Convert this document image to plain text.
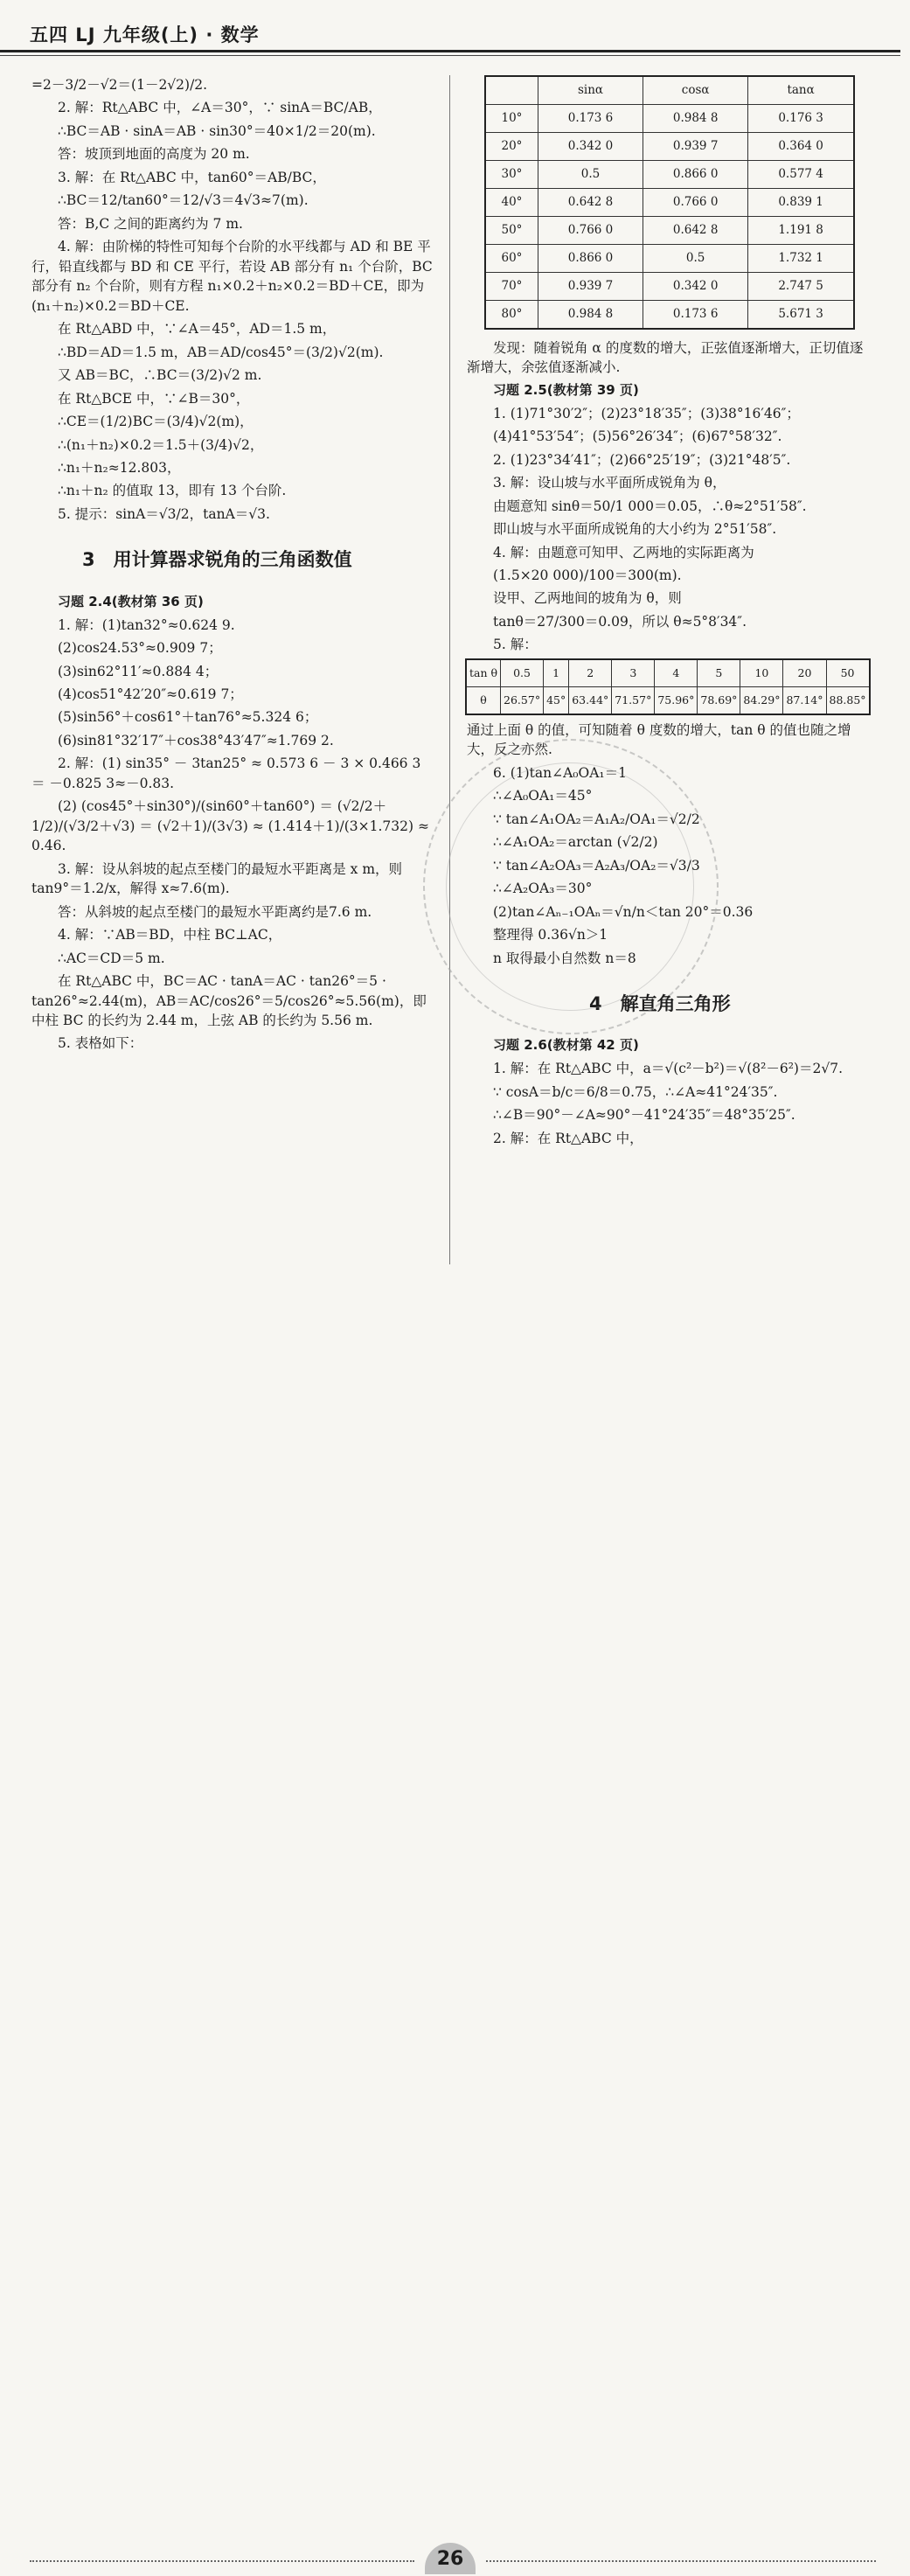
五四 LJ 九年级(上) · 数学

=2－3/2－√2＝(1－2√2)/2.

2. 解：Rt△ABC 中，∠A＝30°，∵ sinA＝BC/AB，

∴BC＝AB · sinA＝AB · sin30°＝40×1/2＝20(m).

答：坡顶到地面的高度为 20 m.

3. 解：在 Rt△ABC 中，tan60°＝AB/BC，

∴BC＝12/tan60°＝12/√3＝4√3≈7(m).

答：B,C 之间的距离约为 7 m.

4. 解：由阶梯的特性可知每个台阶的水平线都与 AD 和 BE 平行，铅直线都与 BD 和 CE 平行，若设 AB 部分有 n₁ 个台阶，BC 部分有 n₂ 个台阶，则有方程 n₁×0.2＋n₂×0.2＝BD＋CE，即为(n₁＋n₂)×0.2＝BD＋CE.

在 Rt△ABD 中，∵∠A＝45°，AD＝1.5 m，

∴BD＝AD＝1.5 m，AB＝AD/cos45°＝(3/2)√2(m).

又 AB＝BC，∴BC＝(3/2)√2 m.

在 Rt△BCE 中，∵∠B＝30°，

∴CE＝(1/2)BC＝(3/4)√2(m)，

∴(n₁＋n₂)×0.2＝1.5＋(3/4)√2，

∴n₁＋n₂≈12.803，

∴n₁＋n₂ 的值取 13，即有 13 个台阶.

5. 提示：sinA＝√3/2，tanA＝√3.

3　用计算器求锐角的三角函数值

习题 2.4(教材第 36 页)

1. 解：(1)tan32°≈0.624 9.

(2)cos24.53°≈0.909 7；

(3)sin62°11′≈0.884 4；

(4)cos51°42′20″≈0.619 7；

(5)sin56°＋cos61°＋tan76°≈5.324 6；

(6)sin81°32′17″＋cos38°43′47″≈1.769 2.

2. 解：(1) sin35° － 3tan25° ≈ 0.573 6 － 3 × 0.466 3 ＝ －0.825 3≈－0.83.

(2) (cos45°＋sin30°)/(sin60°＋tan60°) ＝ (√2/2＋1/2)/(√3/2＋√3) ＝ (√2＋1)/(3√3) ≈ (1.414＋1)/(3×1.732) ≈ 0.46.

3. 解：设从斜坡的起点至楼门的最短水平距离是 x m，则 tan9°＝1.2/x，解得 x≈7.6(m).

答：从斜坡的起点至楼门的最短水平距离约是7.6 m.

4. 解：∵AB＝BD，中柱 BC⊥AC，

∴AC＝CD＝5 m.

在 Rt△ABC 中，BC＝AC · tanA＝AC · tan26°＝5 · tan26°≈2.44(m)，AB＝AC/cos26°＝5/cos26°≈5.56(m)，即中柱 BC 的长约为 2.44 m，上弦 AB 的长约为 5.56 m.

5. 表格如下：

	sinα	cosα	tanα
10°	0.173 6	0.984 8	0.176 3
20°	0.342 0	0.939 7	0.364 0
30°	0.5	0.866 0	0.577 4
40°	0.642 8	0.766 0	0.839 1
50°	0.766 0	0.642 8	1.191 8
60°	0.866 0	0.5	1.732 1
70°	0.939 7	0.342 0	2.747 5
80°	0.984 8	0.173 6	5.671 3

发现：随着锐角 α 的度数的增大，正弦值逐渐增大，正切值逐渐增大，余弦值逐渐减小.

习题 2.5(教材第 39 页)

1. (1)71°30′2″；(2)23°18′35″；(3)38°16′46″；

(4)41°53′54″；(5)56°26′34″；(6)67°58′32″.

2. (1)23°34′41″；(2)66°25′19″；(3)21°48′5″.

3. 解：设山坡与水平面所成锐角为 θ，

由题意知 sinθ＝50/1 000＝0.05，∴θ≈2°51′58″.

即山坡与水平面所成锐角的大小约为 2°51′58″.

4. 解：由题意可知甲、乙两地的实际距离为

(1.5×20 000)/100＝300(m).

设甲、乙两地间的坡角为 θ，则

tanθ＝27/300＝0.09，所以 θ≈5°8′34″.

5. 解：

tan θ	0.5	1	2	3	4	5	10	20	50
θ	26.57°	45°	63.44°	71.57°	75.96°	78.69°	84.29°	87.14°	88.85°

通过上面 θ 的值，可知随着 θ 度数的增大，tan θ 的值也随之增大，反之亦然.

6. (1)tan∠A₀OA₁＝1

∴∠A₀OA₁＝45°

∵ tan∠A₁OA₂＝A₁A₂/OA₁＝√2/2

∴∠A₁OA₂＝arctan (√2/2)

∵ tan∠A₂OA₃＝A₂A₃/OA₂＝√3/3

∴∠A₂OA₃＝30°

(2)tan∠Aₙ₋₁OAₙ＝√n/n＜tan 20°＝0.36

整理得 0.36√n＞1

n 取得最小自然数 n＝8

4　解直角三角形

习题 2.6(教材第 42 页)

1. 解：在 Rt△ABC 中，a＝√(c²－b²)＝√(8²－6²)＝2√7.

∵ cosA＝b/c＝6/8＝0.75，∴∠A≈41°24′35″.

∴∠B＝90°－∠A≈90°－41°24′35″＝48°35′25″.

2. 解：在 Rt△ABC 中，

26
